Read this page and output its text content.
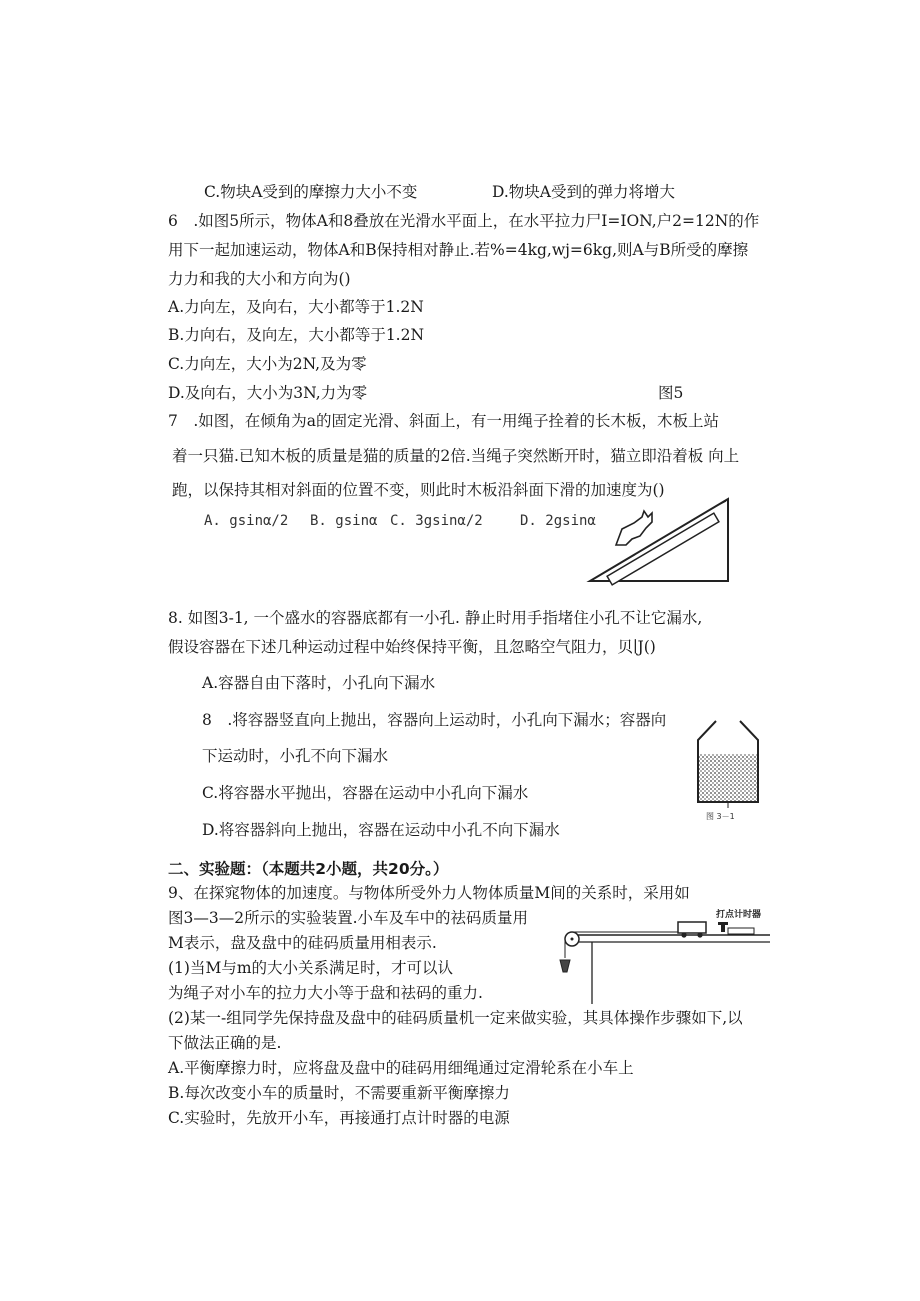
C.物块A受到的摩擦力大小不变	D.物块A受到的弹力将增大
6　.如图5所示，物体A和8叠放在光滑水平面上，在水平拉力尸I=ION,户2=12N的作
用下一起加速运动，物体A和B保持相对静止.若%=4kg,wj=6kg,则A与B所受的摩擦
力力和我的大小和方向为()
A.力向左，及向右，大小都等于1.2N
B.力向右，及向左，大小都等于1.2N
C.力向左，大小为2N,及为零
D.及向右，大小为3N,力为零	图5
7　.如图，在倾角为a的固定光滑、斜面上，有一用绳子拴着的长木板，木板上站
着一只猫.已知木板的质量是猫的质量的2倍.当绳子突然断开时，猫立即沿着板 向上
跑，以保持其相对斜面的位置不变，则此时木板沿斜面下滑的加速度为()
A. gsinα/2 B. gsinα C. 3gsinα/2	D. 2gsinα
8. 如图3-1, 一个盛水的容器底都有一小孔. 静止时用手指堵住小孔不让它漏水,
假设容器在下述几种运动过程中始终保持平衡，且忽略空气阻力，贝∣J()
A.容器自由下落时，小孔向下漏水
8　.将容器竖直向上抛出，容器向上运动时，小孔向下漏水；容器向
下运动时，小孔不向下漏水
C.将容器水平抛出，容器在运动中小孔向下漏水
D.将容器斜向上抛出，容器在运动中小孔不向下漏水
图 3－1
二、实验题：（本题共2小题，共20分。）
9、在探窕物体的加速度。与物体所受外力人物体质量M间的关系时，采用如
图3—3—2所示的实验装置.小车及车中的祛码质量用
M表示，盘及盘中的硅码质量用相表示.
(1)当M与m的大小关系满足时，才可以认
为绳子对小车的拉力大小等于盘和祛码的重力.
(2)某一-组同学先保持盘及盘中的硅码质量机一定来做实验，其具体操作步骤如下,以
下做法正确的是.
A.平衡摩擦力时，应将盘及盘中的硅码用细绳通过定滑轮系在小车上
B.每次改变小车的质量时，不需要重新平衡摩擦力
C.实验时，先放开小车，再接通打点计时器的电源
打点计时器
